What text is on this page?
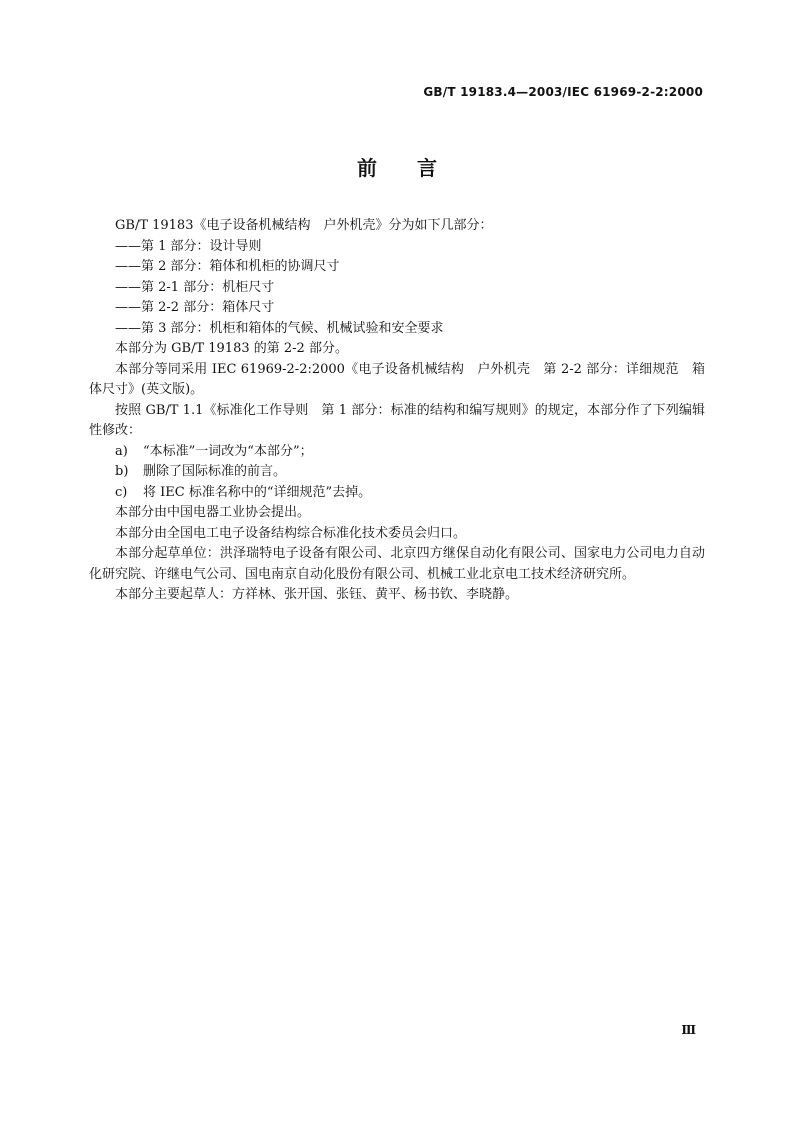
GB/T 19183.4—2003/IEC 61969-2-2:2000
前　　言

GB/T 19183《电子设备机械结构　户外机壳》分为如下几部分：

——第 1 部分：设计导则

——第 2 部分：箱体和机柜的协调尺寸

——第 2-1 部分：机柜尺寸

——第 2-2 部分：箱体尺寸

——第 3 部分：机柜和箱体的气候、机械试验和安全要求

本部分为 GB/T 19183 的第 2-2 部分。

本部分等同采用 IEC 61969-2-2:2000《电子设备机械结构　户外机壳　第 2-2 部分：详细规范　箱体尺寸》(英文版)。

按照 GB/T 1.1《标准化工作导则　第 1 部分：标准的结构和编写规则》的规定，本部分作了下列编辑性修改：

a) “本标准”一词改为“本部分”；

b) 删除了国际标准的前言。

c) 将 IEC 标准名称中的“详细规范”去掉。

本部分由中国电器工业协会提出。

本部分由全国电工电子设备结构综合标准化技术委员会归口。

本部分起草单位：洪泽瑞特电子设备有限公司、北京四方继保自动化有限公司、国家电力公司电力自动化研究院、许继电气公司、国电南京自动化股份有限公司、机械工业北京电工技术经济研究所。

本部分主要起草人：方祥林、张开国、张钰、黄平、杨书钦、李晓静。

Ⅲ
